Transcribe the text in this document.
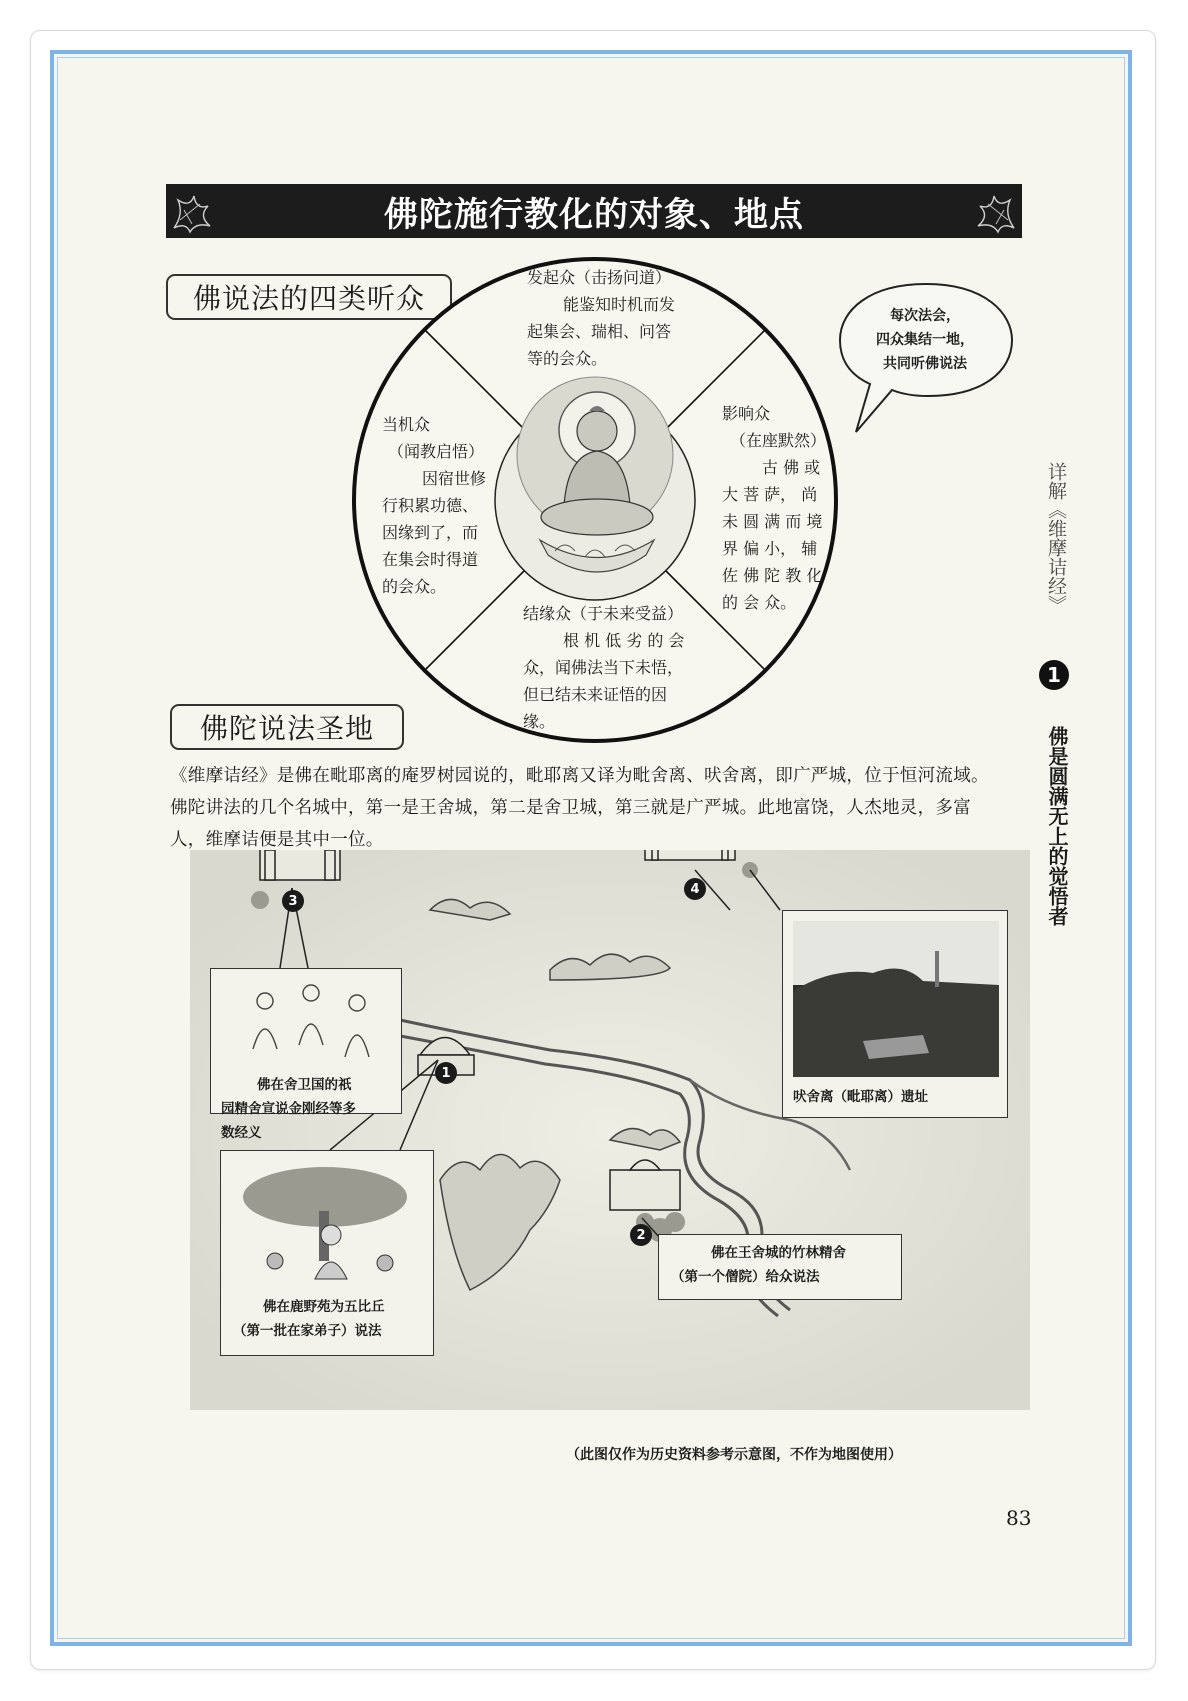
佛陀施行教化的对象、地点
佛说法的四类听众
发起众（击扬问道）
能鉴知时机而发
起集会、瑞相、问答
等的会众。
当机众
（闻教启悟）
因宿世修
行积累功德、
因缘到了，而
在集会时得道
的会众。
影响众
（在座默然）
古 佛 或
大 菩 萨， 尚
未 圆 满 而 境
界 偏 小， 辅
佐 佛 陀 教 化
的 会 众。
结缘众（于未来受益）
根 机 低 劣 的 会
众，闻佛法当下未悟，
但已结未来证悟的因
缘。
每次法会，
四众集结一地，
共同听佛说法
详解《维摩诘经》
1
佛是圆满无上的觉悟者
佛陀说法圣地
《维摩诘经》是佛在毗耶离的庵罗树园说的，毗耶离又译为毗舍离、吠舍离，即广严城，位于恒河流域。佛陀讲法的几个名城中，第一是王舍城，第二是舍卫城，第三就是广严城。此地富饶，人杰地灵，多富人，维摩诘便是其中一位。
1
2
3
4
佛在舍卫国的祇
园精舍宣说金刚经等多
数经义
吠舍离（毗耶离）遗址
佛在王舍城的竹林精舍
（第一个僧院）给众说法
佛在鹿野苑为五比丘
（第一批在家弟子）说法
（此图仅作为历史资料参考示意图，不作为地图使用）
83
